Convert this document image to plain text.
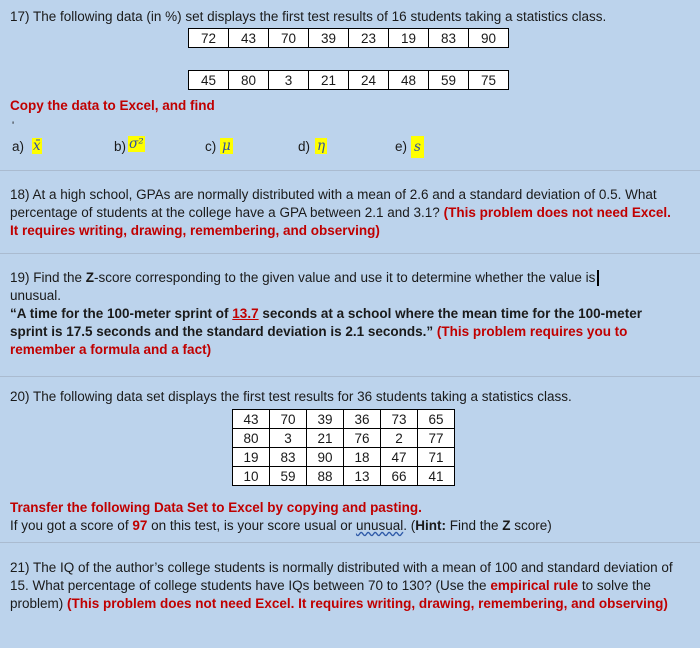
17) The following data (in %) set displays the first test results of 16 students taking a statistics class.
72	43	70	39	23	19	83	90
45	80	3	21	24	48	59	75
Copy the data to Excel, and find
'
a) x̄	b) σ²	c) μ	d) η	e) s
18) At a high school, GPAs are normally distributed with a mean of 2.6 and a standard deviation of 0.5. What percentage of students at the college have a GPA between 2.1 and 3.1? (This problem does not need Excel. It requires writing, drawing, remembering, and observing)
19) Find the Z-score corresponding to the given value and use it to determine whether the value is
unusual.
“A time for the 100-meter sprint of 13.7 seconds at a school where the mean time for the 100-meter sprint is 17.5 seconds and the standard deviation is 2.1 seconds.” (This problem requires you to remember a formula and a fact)
20) The following data set displays the first test results for 36 students taking a statistics class.
43	70	39	36	73	65
80	3	21	76	2	77
19	83	90	18	47	71
10	59	88	13	66	41
Transfer the following Data Set to Excel by copying and pasting.
If you got a score of 97 on this test, is your score usual or unusual. (Hint: Find the Z score)
21) The IQ of the author’s college students is normally distributed with a mean of 100 and standard deviation of 15. What percentage of college students have IQs between 70 to 130? (Use the empirical rule to solve the problem) (This problem does not need Excel. It requires writing, drawing, remembering, and observing)
